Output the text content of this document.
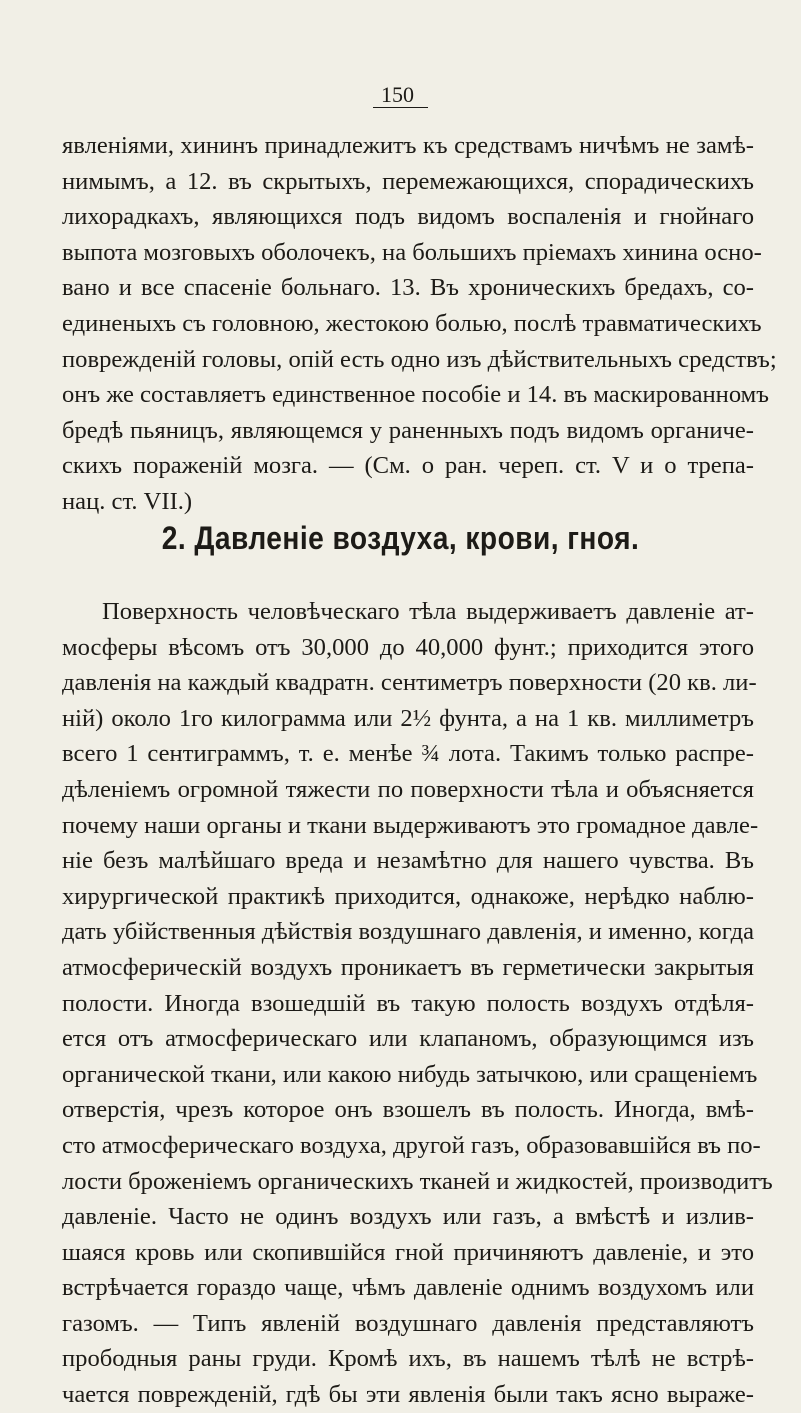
150
явленіями, хининъ принадлежитъ къ средствамъ ничѣмъ не замѣ-
нимымъ, а 12. въ скрытыхъ, перемежающихся, спорадическихъ
лихорадкахъ, являющихся подъ видомъ воспаленія и гнойнаго
выпота мозговыхъ оболочекъ, на большихъ пріемахъ хинина осно-
вано и все спасеніе больнаго. 13. Въ хроническихъ бредахъ, со-
единеныхъ съ головною, жестокою болью, послѣ травматическихъ
поврежденій головы, опій есть одно изъ дѣйствительныхъ средствъ;
онъ же составляетъ единственное пособіе и 14. въ маскированномъ
бредѣ пьяницъ, являющемся у раненныхъ подъ видомъ органиче-
скихъ пораженій мозга. — (См. о ран. череп. ст. V и о трепа-
нац. ст. VII.)
2. Давленіе воздуха, крови, гноя.
Поверхность человѣческаго тѣла выдерживаетъ давленіе ат-
мосферы вѣсомъ отъ 30,000 до 40,000 фунт.; приходится этого
давленія на каждый квадратн. сентиметръ поверхности (20 кв. ли-
ній) около 1го килограмма или 2½ фунта, а на 1 кв. миллиметръ
всего 1 сентиграммъ, т. е. менѣе ¾ лота. Такимъ только распре-
дѣленіемъ огромной тяжести по поверхности тѣла и объясняется
почему наши органы и ткани выдерживаютъ это громадное давле-
ніе безъ малѣйшаго вреда и незамѣтно для нашего чувства. Въ
хирургической практикѣ приходится, однакоже, нерѣдко наблю-
дать убійственныя дѣйствія воздушнаго давленія, и именно, когда
атмосферическій воздухъ проникаетъ въ герметически закрытыя
полости. Иногда взошедшій въ такую полость воздухъ отдѣля-
ется отъ атмосферическаго или клапаномъ, образующимся изъ
органической ткани, или какою нибудь затычкою, или сращеніемъ
отверстія, чрезъ которое онъ взошелъ въ полость. Иногда, вмѣ-
сто атмосферическаго воздуха, другой газъ, образовавшійся въ по-
лости броженіемъ органическихъ тканей и жидкостей, производитъ
давленіе. Часто не одинъ воздухъ или газъ, а вмѣстѣ и излив-
шаяся кровь или скопившійся гной причиняютъ давленіе, и это
встрѣчается гораздо чаще, чѣмъ давленіе однимъ воздухомъ или
газомъ. — Типъ явленій воздушнаго давленія представляютъ
прободныя раны груди. Кромѣ ихъ, въ нашемъ тѣлѣ не встрѣ-
чается поврежденій, гдѣ бы эти явленія были такъ ясно выраже-
